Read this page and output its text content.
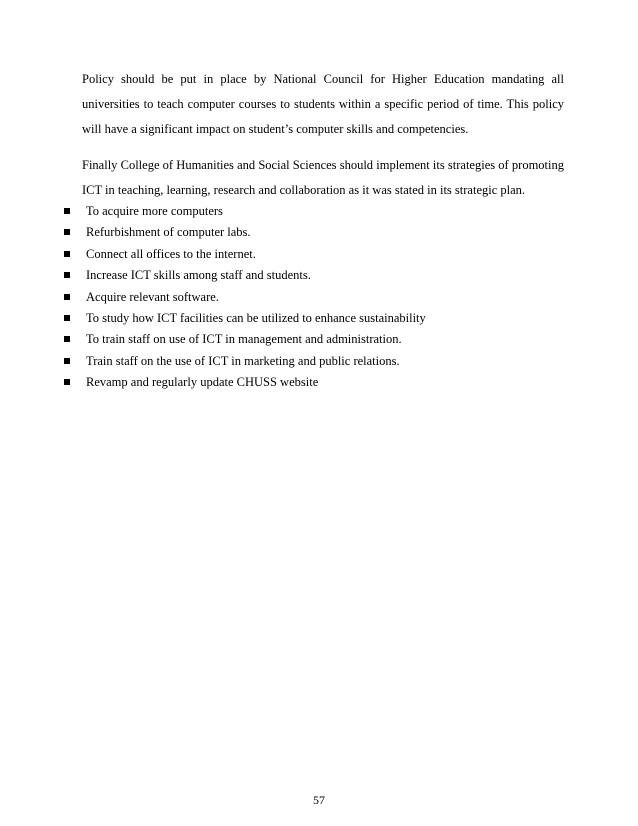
Policy should be put in place by National Council for Higher Education mandating all universities to teach computer courses to students within a specific period of time. This policy will have a significant impact on student’s computer skills and competencies.

Finally College of Humanities and Social Sciences should implement its strategies of promoting ICT in teaching, learning, research and collaboration as it was stated in its strategic plan.

To acquire more computers
Refurbishment of computer labs.
Connect all offices to the internet.
Increase ICT skills among staff and students.
Acquire relevant software.
To study how ICT facilities can be utilized to enhance sustainability
To train staff on use of ICT in management and administration.
Train staff on the use of ICT in marketing and public relations.
Revamp and regularly update CHUSS website

57
